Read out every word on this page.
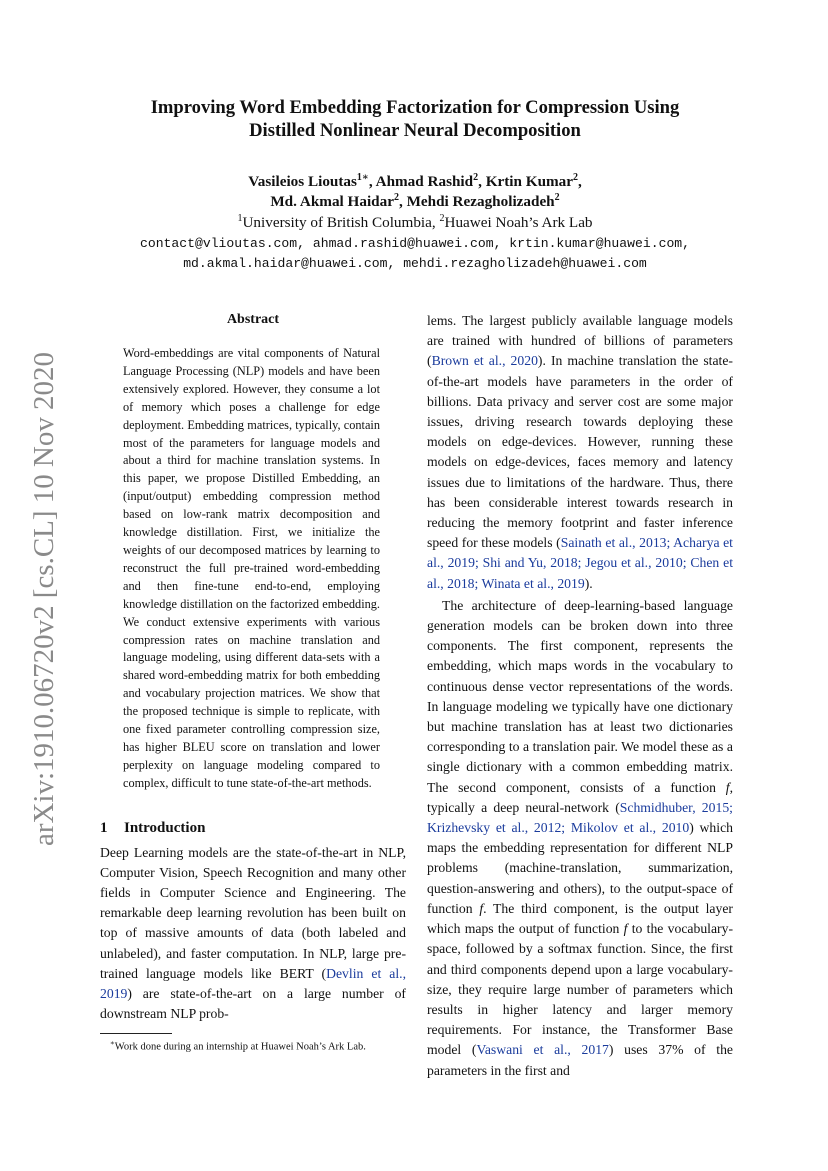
arXiv:1910.06720v2 [cs.CL] 10 Nov 2020

Improving Word Embedding Factorization for Compression Using
Distilled Nonlinear Neural Decomposition

Vasileios Lioutas$^{1∗}$, Ahmad Rashid$^2$, Krtin Kumar$^2$,
Md. Akmal Haidar$^2$, Mehdi Rezagholizadeh$^2$
$^1$University of British Columbia, $^2$Huawei Noah’s Ark Lab
contact@vlioutas.com, ahmad.rashid@huawei.com, krtin.kumar@huawei.com,
md.akmal.haidar@huawei.com, mehdi.rezagholizadeh@huawei.com

Abstract

Word-embeddings are vital components of Natural Language Processing (NLP) models and have been extensively explored. However, they consume a lot of memory which poses a challenge for edge deployment. Embedding matrices, typically, contain most of the parameters for language models and about a third for machine translation systems. In this paper, we propose Distilled Embedding, an (input/output) embedding compression method based on low-rank matrix decomposition and knowledge distillation. First, we initialize the weights of our decomposed matrices by learning to reconstruct the full pre-trained word-embedding and then fine-tune end-to-end, employing knowledge distillation on the factorized embedding. We conduct extensive experiments with various compression rates on machine translation and language modeling, using different data-sets with a shared word-embedding matrix for both embedding and vocabulary projection matrices. We show that the proposed technique is simple to replicate, with one fixed parameter controlling compression size, has higher BLEU score on translation and lower perplexity on language modeling compared to complex, difficult to tune state-of-the-art methods.

1 Introduction

Deep Learning models are the state-of-the-art in NLP, Computer Vision, Speech Recognition and many other fields in Computer Science and Engineering. The remarkable deep learning revolution has been built on top of massive amounts of data (both labeled and unlabeled), and faster computation. In NLP, large pre-trained language models like BERT (Devlin et al., 2019) are state-of-the-art on a large number of downstream NLP prob-

∗Work done during an internship at Huawei Noah’s Ark Lab.

lems. The largest publicly available language models are trained with hundred of billions of parameters (Brown et al., 2020). In machine translation the state-of-the-art models have parameters in the order of billions. Data privacy and server cost are some major issues, driving research towards deploying these models on edge-devices. However, running these models on edge-devices, faces memory and latency issues due to limitations of the hardware. Thus, there has been considerable interest towards research in reducing the memory footprint and faster inference speed for these models (Sainath et al., 2013; Acharya et al., 2019; Shi and Yu, 2018; Jegou et al., 2010; Chen et al., 2018; Winata et al., 2019).

The architecture of deep-learning-based language generation models can be broken down into three components. The first component, represents the embedding, which maps words in the vocabulary to continuous dense vector representations of the words. In language modeling we typically have one dictionary but machine translation has at least two dictionaries corresponding to a translation pair. We model these as a single dictionary with a common embedding matrix. The second component, consists of a function f, typically a deep neural-network (Schmidhuber, 2015; Krizhevsky et al., 2012; Mikolov et al., 2010) which maps the embedding representation for different NLP problems (machine-translation, summarization, question-answering and others), to the output-space of function f. The third component, is the output layer which maps the output of function f to the vocabulary-space, followed by a softmax function. Since, the first and third components depend upon a large vocabulary-size, they require large number of parameters which results in higher latency and larger memory requirements. For instance, the Transformer Base model (Vaswani et al., 2017) uses 37% of the parameters in the first and
